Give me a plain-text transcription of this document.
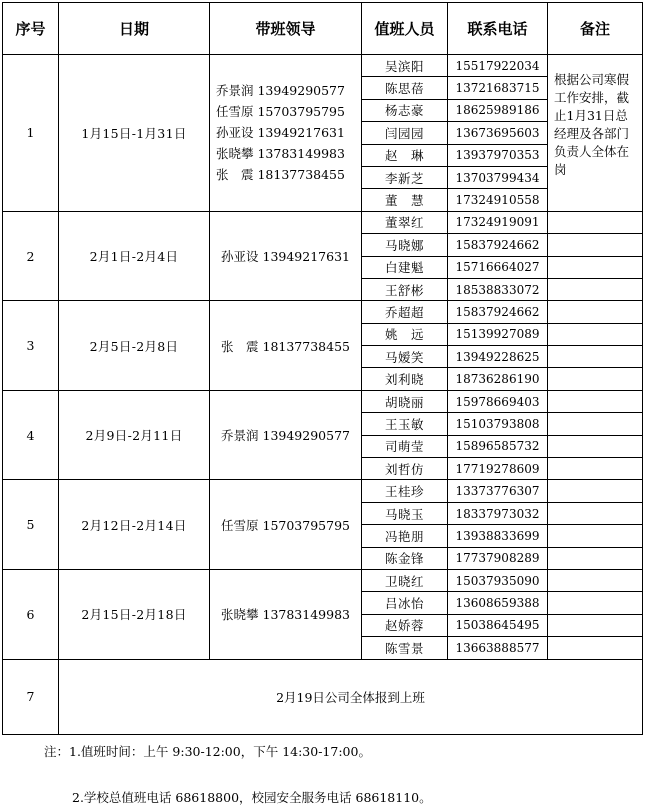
序号	日期	带班领导	值班人员	联系电话	备注
1	1月15日-1月31日	乔景润 13949290577
任雪原 15703795795
孙亚设 13949217631
张晓攀 13783149983
张　震 18137738455	吴滨阳	15517922034	根据公司寒假工作安排，截止1月31日总经理及各部门负责人全体在岗
			陈思蓓	13721683715	
			杨志豪	18625989186	
			闫园园	13673695603	
			赵　琳	13937970353	
			李新芝	13703799434	
			董　慧	17324910558	
2	2月1日-2月4日	孙亚设 13949217631	董翠红	17324919091	
			马晓娜	15837924662	
			白建魁	15716664027	
			王舒彬	18538833072	
3	2月5日-2月8日	张　震 18137738455	乔超超	15837924662	
			姚　远	15139927089	
			马嫒笑	13949228625	
			刘利晓	18736286190	
4	2月9日-2月11日	乔景润 13949290577	胡晓丽	15978669403	
			王玉敏	15103793808	
			司萌莹	15896585732	
			刘哲仿	17719278609	
5	2月12日-2月14日	任雪原 15703795795	王桂珍	13373776307	
			马晓玉	18337973032	
			冯艳朋	13938833699	
			陈金锋	17737908289	
6	2月15日-2月18日	张晓攀 13783149983	卫晓红	15037935090	
			吕冰怡	13608659388	
			赵娇蓉	15038645495	
			陈雪景	13663888577	
7	2月19日公司全体报到上班				
注：1.值班时间：上午 9:30-12:00，下午 14:30-17:00。
2.学校总值班电话 68618800，校园安全服务电话 68618110。
